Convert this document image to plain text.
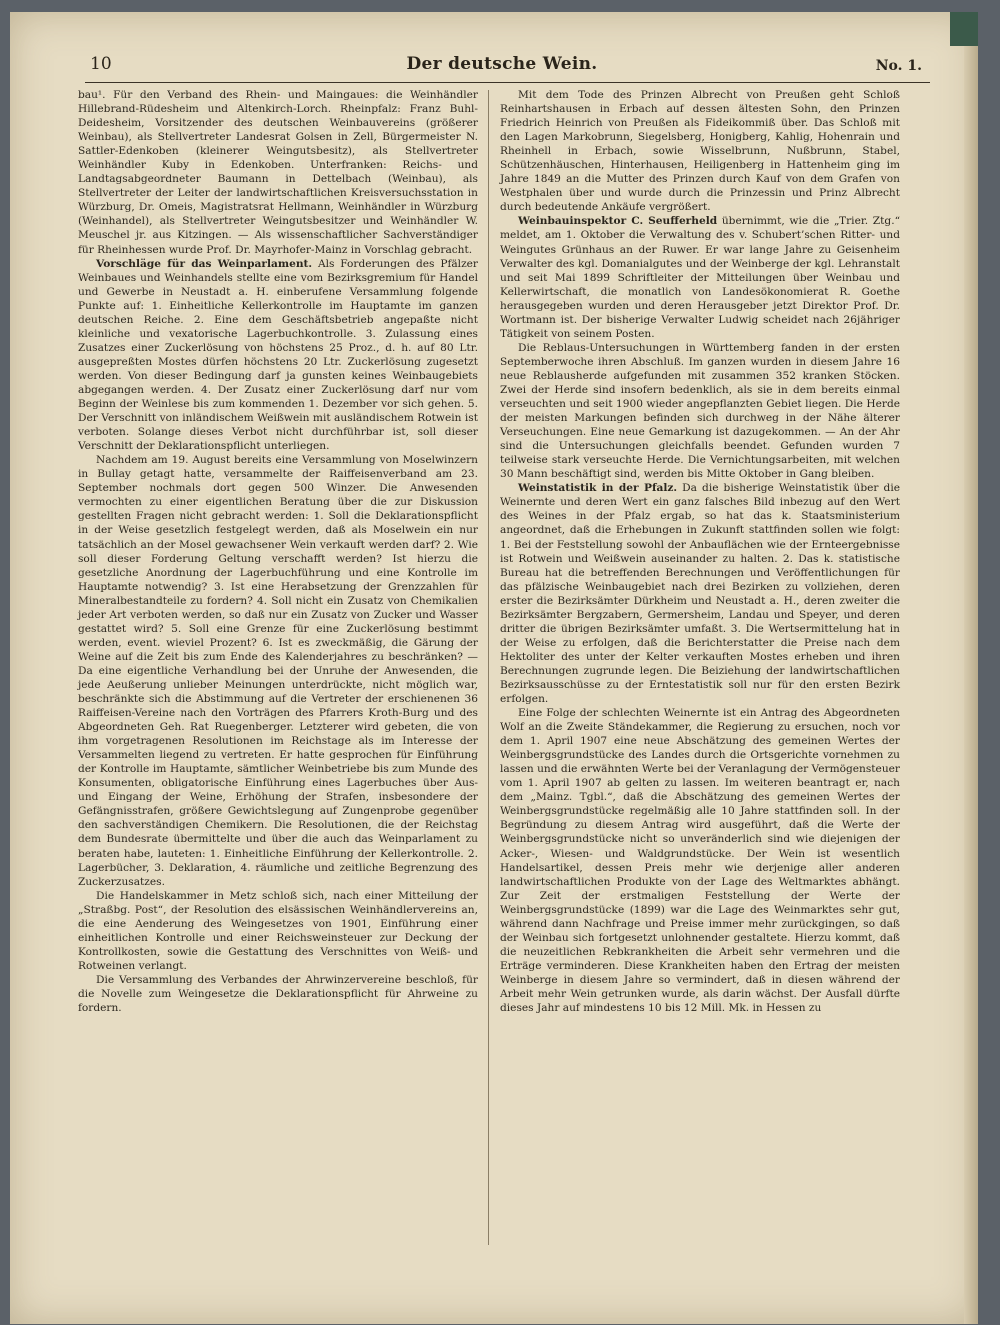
10	Der deutsche Wein.	No. 1.

bau¹. Für den Verband des Rhein- und Maingaues: die Weinhändler Hillebrand-Rüdesheim und Altenkirch-Lorch. Rheinpfalz: Franz Buhl-Deidesheim, Vorsitzender des deutschen Weinbauvereins (größerer Weinbau), als Stellvertreter Landesrat Golsen in Zell, Bürgermeister N. Sattler-Edenkoben (kleinerer Weingutsbesitz), als Stellvertreter Weinhändler Kuby in Edenkoben. Unterfranken: Reichs- und Landtagsabgeordneter Baumann in Dettelbach (Weinbau), als Stellvertreter der Leiter der landwirtschaftlichen Kreisversuchsstation in Würzburg, Dr. Omeis, Magistratsrat Hellmann, Weinhändler in Würzburg (Weinhandel), als Stellvertreter Weingutsbesitzer und Weinhändler W. Meuschel jr. aus Kitzingen. — Als wissenschaftlicher Sachverständiger für Rheinhessen wurde Prof. Dr. Mayrhofer-Mainz in Vorschlag gebracht.

Vorschläge für das Weinparlament. Als Forderungen des Pfälzer Weinbaues und Weinhandels stellte eine vom Bezirksgremium für Handel und Gewerbe in Neustadt a. H. einberufene Versammlung folgende Punkte auf: 1. Einheitliche Kellerkontrolle im Hauptamte im ganzen deutschen Reiche. 2. Eine dem Geschäftsbetrieb angepaßte nicht kleinliche und vexatorische Lagerbuchkontrolle. 3. Zulassung eines Zusatzes einer Zuckerlösung von höchstens 25 Proz., d. h. auf 80 Ltr. ausgepreßten Mostes dürfen höchstens 20 Ltr. Zuckerlösung zugesetzt werden. Von dieser Bedingung darf ja gunsten keines Weinbaugebiets abgegangen werden. 4. Der Zusatz einer Zuckerlösung darf nur vom Beginn der Weinlese bis zum kommenden 1. Dezember vor sich gehen. 5. Der Verschnitt von inländischem Weißwein mit ausländischem Rotwein ist verboten. Solange dieses Verbot nicht durchführbar ist, soll dieser Verschnitt der Deklarationspflicht unterliegen.

Nachdem am 19. August bereits eine Versammlung von Moselwinzern in Bullay getagt hatte, versammelte der Raiffeisenverband am 23. September nochmals dort gegen 500 Winzer. Die Anwesenden vermochten zu einer eigentlichen Beratung über die zur Diskussion gestellten Fragen nicht gebracht werden: 1. Soll die Deklarationspflicht in der Weise gesetzlich festgelegt werden, daß als Moselwein ein nur tatsächlich an der Mosel gewachsener Wein verkauft werden darf? 2. Wie soll dieser Forderung Geltung verschafft werden? Ist hierzu die gesetzliche Anordnung der Lagerbuchführung und eine Kontrolle im Hauptamte notwendig? 3. Ist eine Herabsetzung der Grenzzahlen für Mineralbestandteile zu fordern? 4. Soll nicht ein Zusatz von Chemikalien jeder Art verboten werden, so daß nur ein Zusatz von Zucker und Wasser gestattet wird? 5. Soll eine Grenze für eine Zuckerlösung bestimmt werden, event. wieviel Prozent? 6. Ist es zweckmäßig, die Gärung der Weine auf die Zeit bis zum Ende des Kalenderjahres zu beschränken? — Da eine eigentliche Verhandlung bei der Unruhe der Anwesenden, die jede Aeußerung unlieber Meinungen unterdrückte, nicht möglich war, beschränkte sich die Abstimmung auf die Vertreter der erschienenen 36 Raiffeisen-Vereine nach den Vorträgen des Pfarrers Kroth-Burg und des Abgeordneten Geh. Rat Ruegenberger. Letzterer wird gebeten, die von ihm vorgetragenen Resolutionen im Reichstage als im Interesse der Versammelten liegend zu vertreten. Er hatte gesprochen für Einführung der Kontrolle im Hauptamte, sämtlicher Weinbetriebe bis zum Munde des Konsumenten, obligatorische Einführung eines Lagerbuches über Aus- und Eingang der Weine, Erhöhung der Strafen, insbesondere der Gefängnisstrafen, größere Gewichtslegung auf Zungenprobe gegenüber den sachverständigen Chemikern. Die Resolutionen, die der Reichstag dem Bundesrate übermittelte und über die auch das Weinparlament zu beraten habe, lauteten: 1. Einheitliche Einführung der Kellerkontrolle. 2. Lagerbücher, 3. Deklaration, 4. räumliche und zeitliche Begrenzung des Zuckerzusatzes.

Die Handelskammer in Metz schloß sich, nach einer Mitteilung der „Straßbg. Post“, der Resolution des elsässischen Weinhändlervereins an, die eine Aenderung des Weingesetzes von 1901, Einführung einer einheitlichen Kontrolle und einer Reichsweinsteuer zur Deckung der Kontrollkosten, sowie die Gestattung des Verschnittes von Weiß- und Rotweinen verlangt.

Die Versammlung des Verbandes der Ahrwinzervereine beschloß, für die Novelle zum Weingesetze die Deklarationspflicht für Ahrweine zu fordern.

Mit dem Tode des Prinzen Albrecht von Preußen geht Schloß Reinhartshausen in Erbach auf dessen ältesten Sohn, den Prinzen Friedrich Heinrich von Preußen als Fideikommiß über. Das Schloß mit den Lagen Markobrunn, Siegelsberg, Honigberg, Kahlig, Hohenrain und Rheinhell in Erbach, sowie Wisselbrunn, Nußbrunn, Stabel, Schützenhäuschen, Hinterhausen, Heiligenberg in Hattenheim ging im Jahre 1849 an die Mutter des Prinzen durch Kauf von dem Grafen von Westphalen über und wurde durch die Prinzessin und Prinz Albrecht durch bedeutende Ankäufe vergrößert.

Weinbauinspektor C. Seufferheld übernimmt, wie die „Trier. Ztg.“ meldet, am 1. Oktober die Verwaltung des v. Schubert’schen Ritter- und Weingutes Grünhaus an der Ruwer. Er war lange Jahre zu Geisenheim Verwalter des kgl. Domanialgutes und der Weinberge der kgl. Lehranstalt und seit Mai 1899 Schriftleiter der Mitteilungen über Weinbau und Kellerwirtschaft, die monatlich von Landesökonomierat R. Goethe herausgegeben wurden und deren Herausgeber jetzt Direktor Prof. Dr. Wortmann ist. Der bisherige Verwalter Ludwig scheidet nach 26jähriger Tätigkeit von seinem Posten.

Die Reblaus-Untersuchungen in Württemberg fanden in der ersten Septemberwoche ihren Abschluß. Im ganzen wurden in diesem Jahre 16 neue Reblausherde aufgefunden mit zusammen 352 kranken Stöcken. Zwei der Herde sind insofern bedenklich, als sie in dem bereits einmal verseuchten und seit 1900 wieder angepflanzten Gebiet liegen. Die Herde der meisten Markungen befinden sich durchweg in der Nähe älterer Verseuchungen. Eine neue Gemarkung ist dazugekommen. — An der Ahr sind die Untersuchungen gleichfalls beendet. Gefunden wurden 7 teilweise stark verseuchte Herde. Die Vernichtungsarbeiten, mit welchen 30 Mann beschäftigt sind, werden bis Mitte Oktober in Gang bleiben.

Weinstatistik in der Pfalz. Da die bisherige Weinstatistik über die Weinernte und deren Wert ein ganz falsches Bild inbezug auf den Wert des Weines in der Pfalz ergab, so hat das k. Staatsministerium angeordnet, daß die Erhebungen in Zukunft stattfinden sollen wie folgt: 1. Bei der Feststellung sowohl der Anbauflächen wie der Ernteergebnisse ist Rotwein und Weißwein auseinander zu halten. 2. Das k. statistische Bureau hat die betreffenden Berechnungen und Veröffentlichungen für das pfälzische Weinbaugebiet nach drei Bezirken zu vollziehen, deren erster die Bezirksämter Dürkheim und Neustadt a. H., deren zweiter die Bezirksämter Bergzabern, Germersheim, Landau und Speyer, und deren dritter die übrigen Bezirksämter umfaßt. 3. Die Wertsermittelung hat in der Weise zu erfolgen, daß die Berichterstatter die Preise nach dem Hektoliter des unter der Kelter verkauften Mostes erheben und ihren Berechnungen zugrunde legen. Die Beiziehung der landwirtschaftlichen Bezirksausschüsse zu der Erntestatistik soll nur für den ersten Bezirk erfolgen.

Eine Folge der schlechten Weinernte ist ein Antrag des Abgeordneten Wolf an die Zweite Ständekammer, die Regierung zu ersuchen, noch vor dem 1. April 1907 eine neue Abschätzung des gemeinen Wertes der Weinbergsgrundstücke des Landes durch die Ortsgerichte vornehmen zu lassen und die erwähnten Werte bei der Veranlagung der Vermögensteuer vom 1. April 1907 ab gelten zu lassen. Im weiteren beantragt er, nach dem „Mainz. Tgbl.“, daß die Abschätzung des gemeinen Wertes der Weinbergsgrundstücke regelmäßig alle 10 Jahre stattfinden soll. In der Begründung zu diesem Antrag wird ausgeführt, daß die Werte der Weinbergsgrundstücke nicht so unveränderlich sind wie diejenigen der Acker-, Wiesen- und Waldgrundstücke. Der Wein ist wesentlich Handelsartikel, dessen Preis mehr wie derjenige aller anderen landwirtschaftlichen Produkte von der Lage des Weltmarktes abhängt. Zur Zeit der erstmaligen Feststellung der Werte der Weinbergsgrundstücke (1899) war die Lage des Weinmarktes sehr gut, während dann Nachfrage und Preise immer mehr zurückgingen, so daß der Weinbau sich fortgesetzt unlohnender gestaltete. Hierzu kommt, daß die neuzeitlichen Rebkrankheiten die Arbeit sehr vermehren und die Erträge verminderen. Diese Krankheiten haben den Ertrag der meisten Weinberge in diesem Jahre so vermindert, daß in diesen während der Arbeit mehr Wein getrunken wurde, als darin wächst. Der Ausfall dürfte dieses Jahr auf mindestens 10 bis 12 Mill. Mk. in Hessen zu
